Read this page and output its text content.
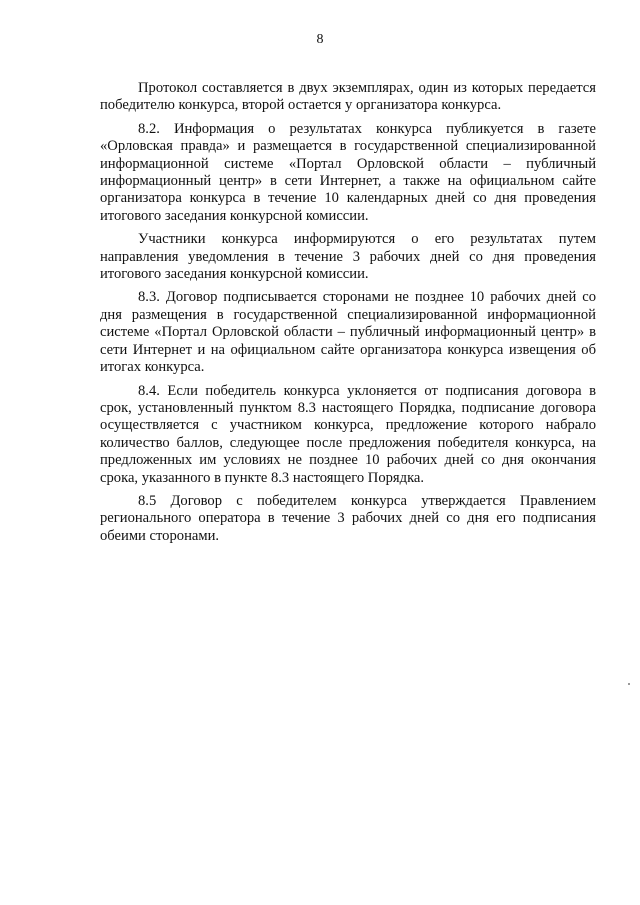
8

Протокол составляется в двух экземплярах, один из которых передается победителю конкурса, второй остается у организатора конкурса.

8.2. Информация о результатах конкурса публикуется в газете «Орловская правда» и размещается в государственной специализированной информационной системе «Портал Орловской области – публичный информационный центр» в сети Интернет, а также на официальном сайте организатора конкурса в течение 10 календарных дней со дня проведения итогового заседания конкурсной комиссии.

Участники конкурса информируются о его результатах путем направления уведомления в течение 3 рабочих дней со дня проведения итогового заседания конкурсной комиссии.

8.3. Договор подписывается сторонами не позднее 10 рабочих дней со дня размещения в государственной специализированной информационной системе «Портал Орловской области – публичный информационный центр» в сети Интернет и на официальном сайте организатора конкурса извещения об итогах конкурса.

8.4. Если победитель конкурса уклоняется от подписания договора в срок, установленный пунктом 8.3 настоящего Порядка, подписание договора осуществляется с участником конкурса, предложение которого набрало количество баллов, следующее после предложения победителя конкурса, на предложенных им условиях не позднее 10 рабочих дней со дня окончания срока, указанного в пункте 8.3 настоящего Порядка.

8.5 Договор с победителем конкурса утверждается Правлением регионального оператора в течение 3 рабочих дней со дня его подписания обеими сторонами.
